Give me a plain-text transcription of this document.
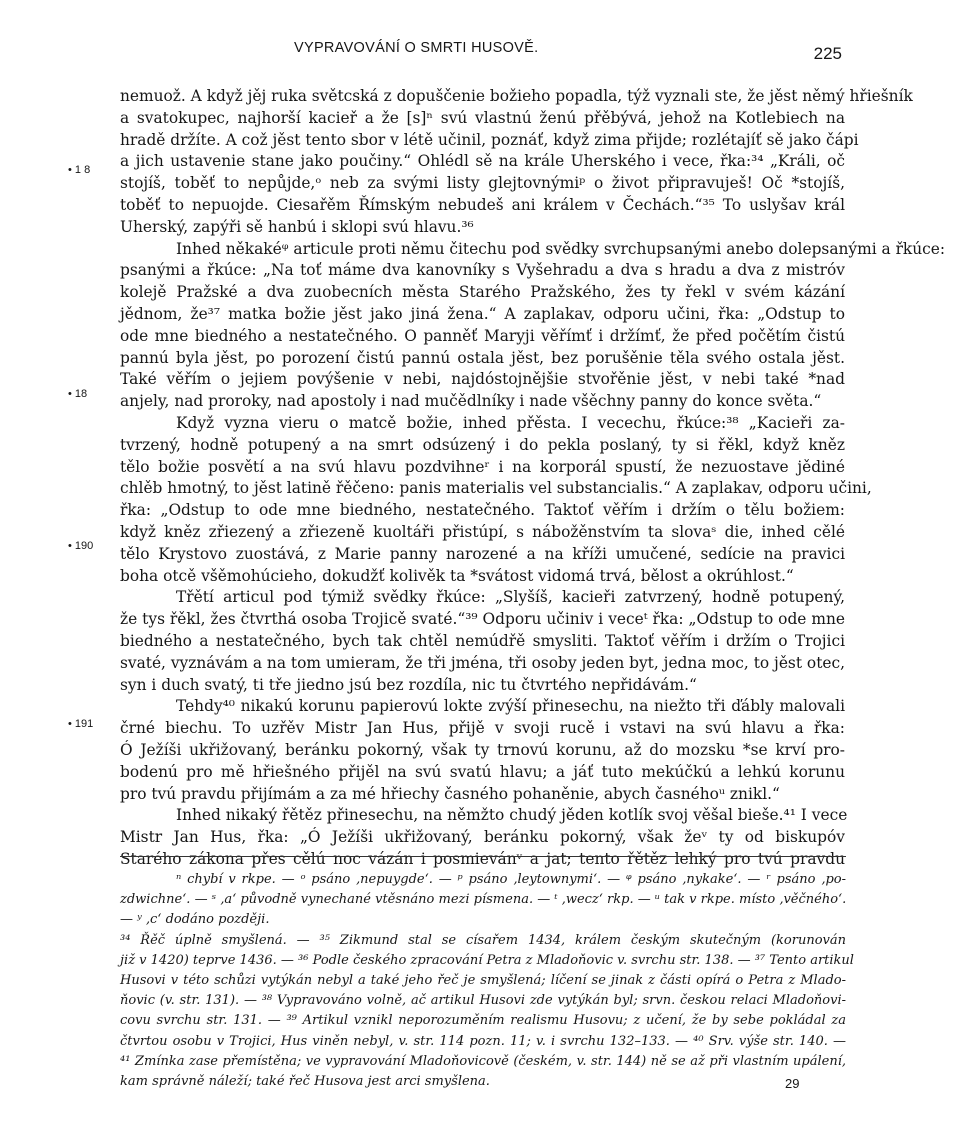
VYPRAVOVÁNÍ O SMRTI HUSOVĚ.	225
• 1 8
• 18
• 190
• 191
nemuož. A když jěj ruka světcská z dopuščenie božieho popadla, týž vyznali ste, že jěst němý hřiešník
a svatokupec, najhorší kacieř a že [s]ⁿ svú vlastnú ženú přěbývá, jehož na Kotlebiech na
hradě držíte. A což jěst tento sbor v létě učinil, poznáť, když zima přijde; rozlétajíť sě jako čápi
a jich ustavenie stane jako poučiny.“ Ohlédl sě na krále Uherského i vece, řka:³⁴ „Králi, oč
stojíš, toběť to nepůjde,ᵒ neb za svými listy glejtovnýmiᵖ o život připravuješ! Oč *stojíš,
toběť to nepuojde. Ciesařěm Římským nebudeš ani králem v Čechách.“³⁵ To uslyšav král
Uherský, zapýři sě hanbú i sklopi svú hlavu.³⁶
Inhed někakéᵠ articule proti němu čitechu pod svědky svrchupsanými anebo dolepsanými a řkúce:
psanými a řkúce: „Na toť máme dva kanovníky s Vyšehradu a dva s hradu a dva z mistróv
kolejě Pražské a dva zuobecních města Starého Pražského, žes ty řekl v svém kázání
jědnom, že³⁷ matka božie jěst jako jiná žena.“ A zaplakav, odporu učini, řka: „Odstup to
ode mne biedného a nestatečného. O panněť Maryji věřímť i držímť, že před počětím čistú
pannú byla jěst, po porození čistú pannú ostala jěst, bez porušěnie těla svého ostala jěst.
Také věřím o jejiem povýšenie v nebi, najdóstojnějšie stvořěnie jěst, v nebi také *nad
anjely, nad proroky, nad apostoly i nad mučědlníky i nade všěchny panny do konce světa.“
Když vyzna vieru o matcě božie, inhed přěsta. I vecechu, řkúce:³⁸ „Kacieři za-
tvrzený, hodně potupený a na smrt odsúzený i do pekla poslaný, ty si řěkl, když kněz
tělo božie posvětí a na svú hlavu pozdvihneʳ i na korporál spustí, že nezuostave jědiné
chlěb hmotný, to jěst latině řěčeno: panis materialis vel substancialis.“ A zaplakav, odporu učini,
řka: „Odstup to ode mne biedného, nestatečného. Taktoť věřím i držím o tělu božiem:
když kněz zřiezený a zřiezeně kuoltáři přistúpí, s nábožěnstvím ta slovaˢ die, inhed cělé
tělo Krystovo zuostává, z Marie panny narozené a na kříži umučené, sedície na pravici
boha otcě všěmohúcieho, dokudžť kolivěk ta *svátost vidomá trvá, bělost a okrúhlost.“
Třětí articul pod týmiž svědky řkúce: „Slyšíš, kacieři zatvrzený, hodně potupený,
že tys řěkl, žes čtvrthá osoba Trojicě svaté.“³⁹ Odporu učiniv i veceᵗ řka: „Odstup to ode mne
biedného a nestatečného, bych tak chtěl nemúdřě smysliti. Taktoť věřím i držím o Trojici
svaté, vyznávám a na tom umieram, že tři jména, tři osoby jeden byt, jedna moc, to jěst otec,
syn i duch svatý, ti tře jiedno jsú bez rozdíla, nic tu čtvrtého nepřidávám.“
Tehdy⁴⁰ nikakú korunu papierovú lokte zvýší přinesechu, na niežto tři ďábly malovali
črné biechu. To uzřěv Mistr Jan Hus, přijě v svoji rucě i vstavi na svú hlavu a řka:
Ó Ježíši ukřižovaný, beránku pokorný, však ty trnovú korunu, až do mozsku *se krví pro-
bodenú pro mě hřiešného přijěl na svú svatú hlavu; a jáť tuto mekúčkú a lehkú korunu
pro tvú pravdu přijímám a za mé hřiechy časného pohaněnie, abych časnéhoᵘ znikl.“
Inhed nikaký řětěz přinesechu, na němžto chudý jěden kotlík svoj věšal bieše.⁴¹ I vece
Mistr Jan Hus, řka: „Ó Ježíši ukřižovaný, beránku pokorný, však žeᵛ ty od biskupóv
Starého zákona přes cělú noc vázán i posmievánᵛ a jat; tento řětěz lehký pro tvú pravdu
ⁿ chybí v rkpe. — ᵒ psáno ‚nepuygde‘. — ᵖ psáno ‚leytownymi‘. — ᵠ psáno ‚nykake‘. — ʳ psáno ‚po-
zdwichne‘. — ˢ ‚a‘ původně vynechané vtěsnáno mezi písmena. — ᵗ ‚wecz‘ rkp. — ᵘ tak v rkpe. místo ‚věčného‘.
— ʸ ‚c‘ dodáno později.
³⁴ Řěč úplně smyšlená. — ³⁵ Zikmund stal se císařem 1434, králem českým skutečným (korunován
již v 1420) teprve 1436. — ³⁶ Podle českého zpracování Petra z Mladoňovic v. svrchu str. 138. — ³⁷ Tento artikul
Husovi v této schůzi vytýkán nebyl a také jeho řeč je smyšlená; líčení se jinak z části opírá o Petra z Mlado-
ňovic (v. str. 131). — ³⁸ Vypravováno volně, ač artikul Husovi zde vytýkán byl; srvn. českou relaci Mladoňovi-
covu svrchu str. 131. — ³⁹ Artikul vznikl neporozuměním realismu Husovu; z učení, že by sebe pokládal za
čtvrtou osobu v Trojici, Hus viněn nebyl, v. str. 114 pozn. 11; v. i svrchu 132–133. — ⁴⁰ Srv. výše str. 140. —
⁴¹ Zmínka zase přemístěna; ve vypravování Mladoňovicově (českém, v. str. 144) ně se až při vlastním upálení,
kam správně náleží; také řeč Husova jest arci smyšlena.	29
